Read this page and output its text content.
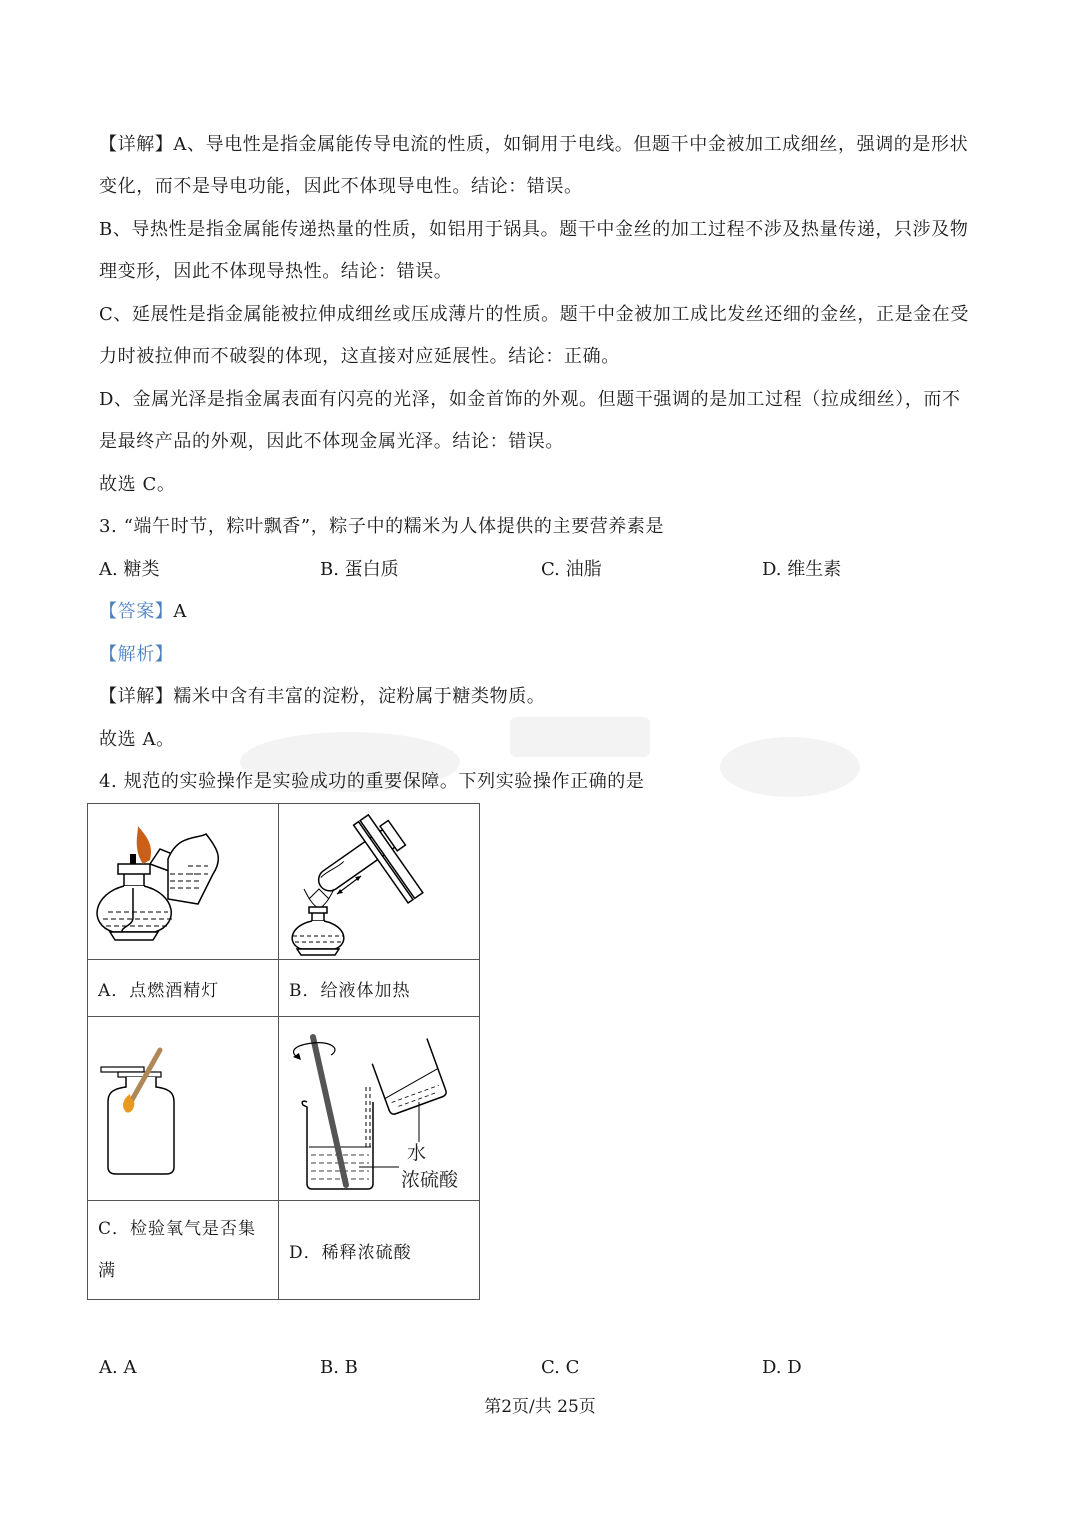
【详解】A、导电性是指金属能传导电流的性质，如铜用于电线。但题干中金被加工成细丝，强调的是形状
变化，而不是导电功能，因此不体现导电性。结论：错误。
B、导热性是指金属能传递热量的性质，如铝用于锅具。题干中金丝的加工过程不涉及热量传递，只涉及物
理变形，因此不体现导热性。结论：错误。
C、延展性是指金属能被拉伸成细丝或压成薄片的性质。题干中金被加工成比发丝还细的金丝，正是金在受
力时被拉伸而不破裂的体现，这直接对应延展性。结论：正确。
D、金属光泽是指金属表面有闪亮的光泽，如金首饰的外观。但题干强调的是加工过程（拉成细丝），而不
是最终产品的外观，因此不体现金属光泽。结论：错误。
故选 C。
3. “端午时节，粽叶飘香”，粽子中的糯米为人体提供的主要营养素是
A. 糖类	B. 蛋白质	C. 油脂	D. 维生素
【答案】A
【解析】
【详解】糯米中含有丰富的淀粉，淀粉属于糖类物质。
故选 A。
4. 规范的实验操作是实验成功的重要保障。下列实验操作正确的是

A．点燃酒精灯	B．给液体加热

水
浓硫酸

C．检验氧气是否集
满	D．稀释浓硫酸
A. A	B. B	C. C	D. D
第2页/共 25页
